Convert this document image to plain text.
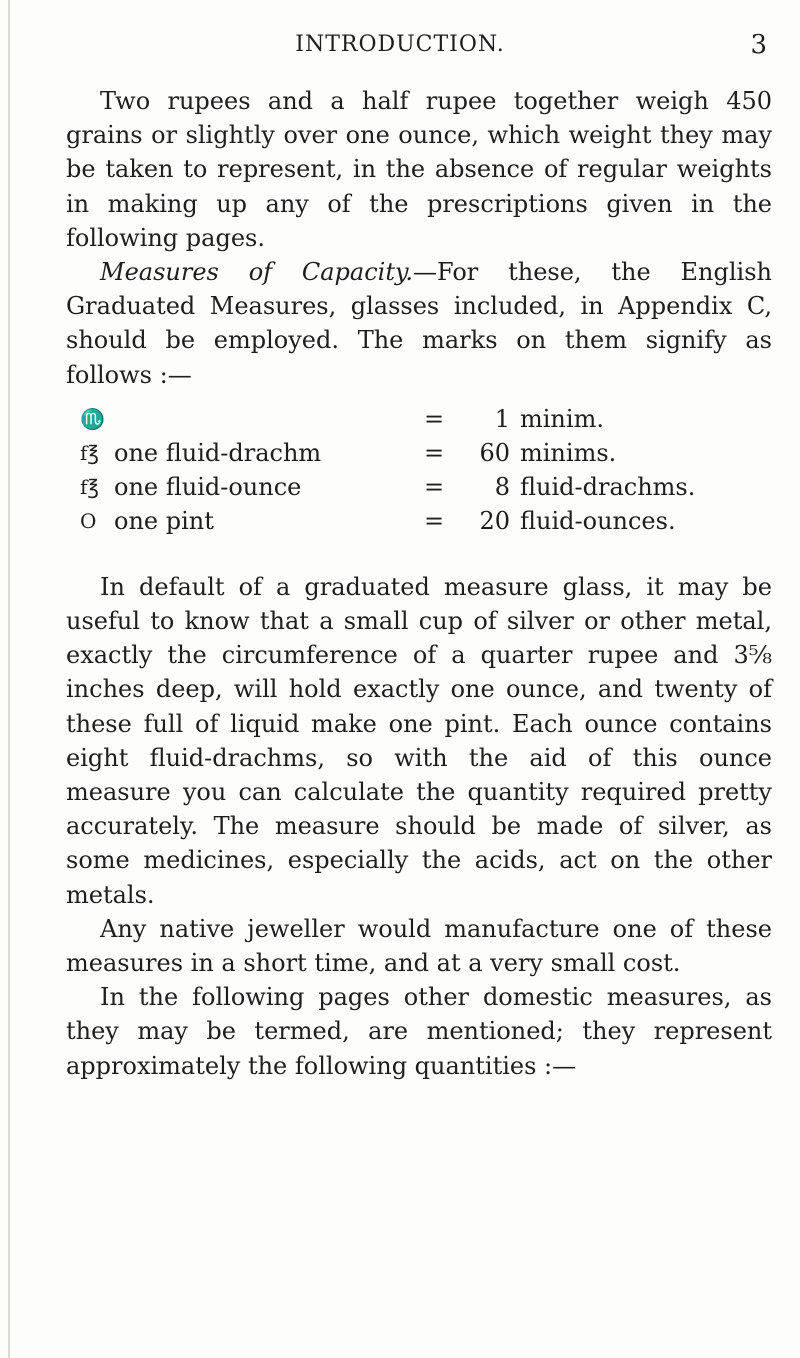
INTRODUCTION.	3

Two rupees and a half rupee together weigh 450 grains or slightly over one ounce, which weight they may be taken to represent, in the absence of regular weights in making up any of the prescriptions given in the following pages.

Measures of Capacity.—For these, the English Graduated Measures, glasses included, in Appendix C, should be employed. The marks on them signify as follows :—

♏	=	1 minim.
f℥ one fluid-drachm	=	60 minims.
f℥ one fluid-ounce	=	8 fluid-drachms.
O one pint	=	20 fluid-ounces.

In default of a graduated measure glass, it may be useful to know that a small cup of silver or other metal, exactly the circumference of a quarter rupee and 3⅝ inches deep, will hold exactly one ounce, and twenty of these full of liquid make one pint. Each ounce contains eight fluid-drachms, so with the aid of this ounce measure you can calculate the quantity required pretty accurately. The measure should be made of silver, as some medicines, especially the acids, act on the other metals.

Any native jeweller would manufacture one of these measures in a short time, and at a very small cost.

In the following pages other domestic measures, as they may be termed, are mentioned; they represent approximately the following quantities :—
